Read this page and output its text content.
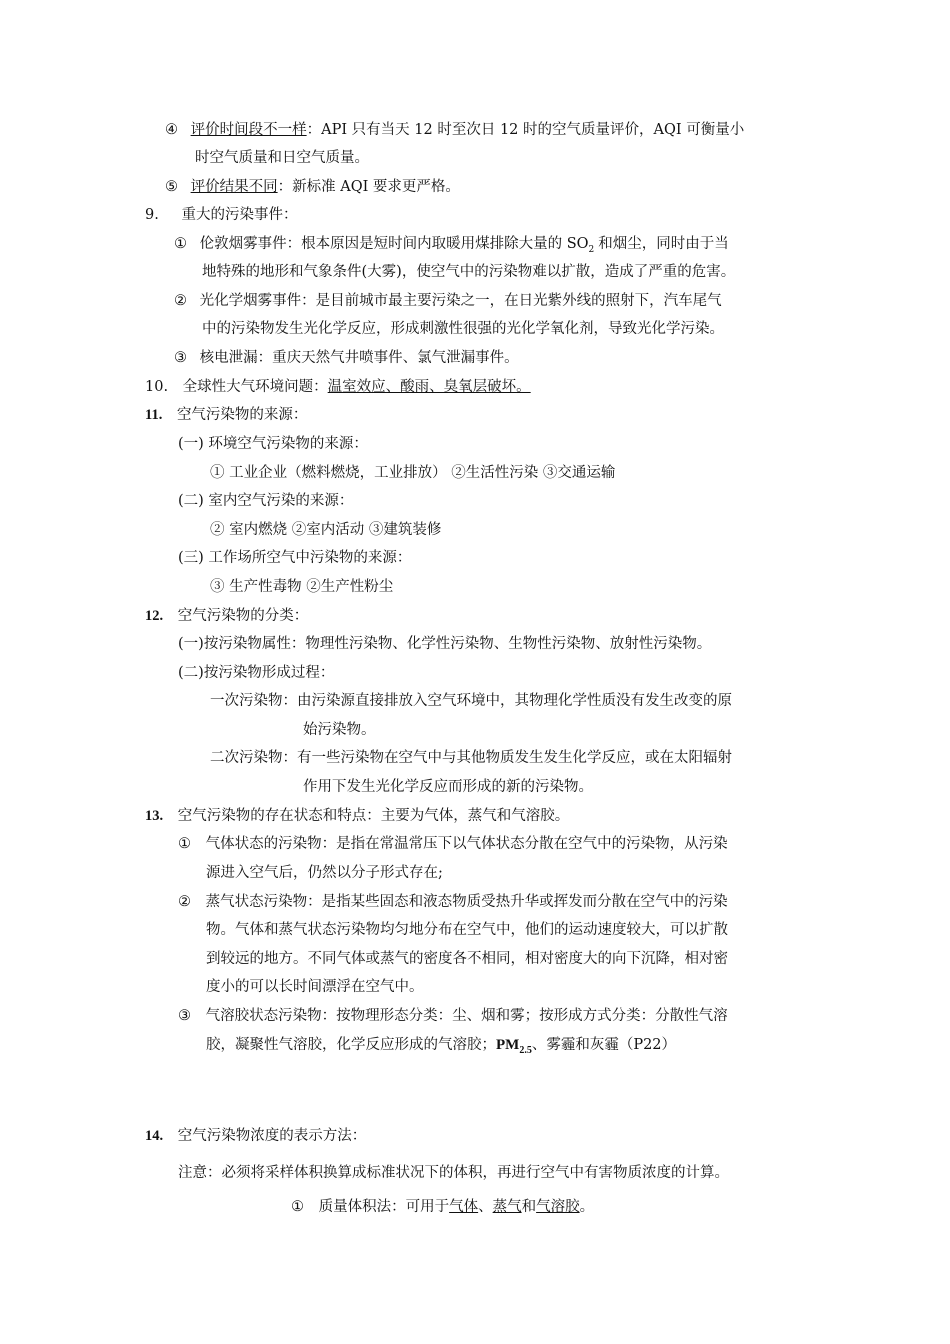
④ 评价时间段不一样：API 只有当天 12 时至次日 12 时的空气质量评价，AQI 可衡量小
时空气质量和日空气质量。
⑤ 评价结果不同：新标准 AQI 要求更严格。
9. 重大的污染事件：
① 伦敦烟雾事件：根本原因是短时间内取暖用煤排除大量的 $SO_2$ 和烟尘，同时由于当
地特殊的地形和气象条件(大雾)，使空气中的污染物难以扩散，造成了严重的危害。
② 光化学烟雾事件：是目前城市最主要污染之一，在日光紫外线的照射下，汽车尾气
中的污染物发生光化学反应，形成刺激性很强的光化学氧化剂，导致光化学污染。
③ 核电泄漏：重庆天然气井喷事件、氯气泄漏事件。
10. 全球性大气环境问题：温室效应、酸雨、臭氧层破坏。
11. 空气污染物的来源：
(一) 环境空气污染物的来源：
① 工业企业（燃料燃烧，工业排放） ②生活性污染 ③交通运输
(二) 室内空气污染的来源：
② 室内燃烧 ②室内活动 ③建筑装修
(三) 工作场所空气中污染物的来源：
③ 生产性毒物 ②生产性粉尘
12. 空气污染物的分类：
(一)按污染物属性：物理性污染物、化学性污染物、生物性污染物、放射性污染物。
(二)按污染物形成过程：
一次污染物：由污染源直接排放入空气环境中，其物理化学性质没有发生改变的原
始污染物。
二次污染物：有一些污染物在空气中与其他物质发生发生化学反应，或在太阳辐射
作用下发生光化学反应而形成的新的污染物。
13. 空气污染物的存在状态和特点：主要为气体，蒸气和气溶胶。
① 气体状态的污染物：是指在常温常压下以气体状态分散在空气中的污染物，从污染
源进入空气后，仍然以分子形式存在;
② 蒸气状态污染物：是指某些固态和液态物质受热升华或挥发而分散在空气中的污染
物。气体和蒸气状态污染物均匀地分布在空气中，他们的运动速度较大，可以扩散
到较远的地方。不同气体或蒸气的密度各不相同，相对密度大的向下沉降，相对密
度小的可以长时间漂浮在空气中。
③ 气溶胶状态污染物：按物理形态分类：尘、烟和雾；按形成方式分类：分散性气溶
胶，凝聚性气溶胶，化学反应形成的气溶胶；$PM_{2.5}$、雾霾和灰霾（P22）
14. 空气污染物浓度的表示方法：
注意：必须将采样体积换算成标准状况下的体积，再进行空气中有害物质浓度的计算。
① 质量体积法：可用于气体、蒸气和气溶胶。
